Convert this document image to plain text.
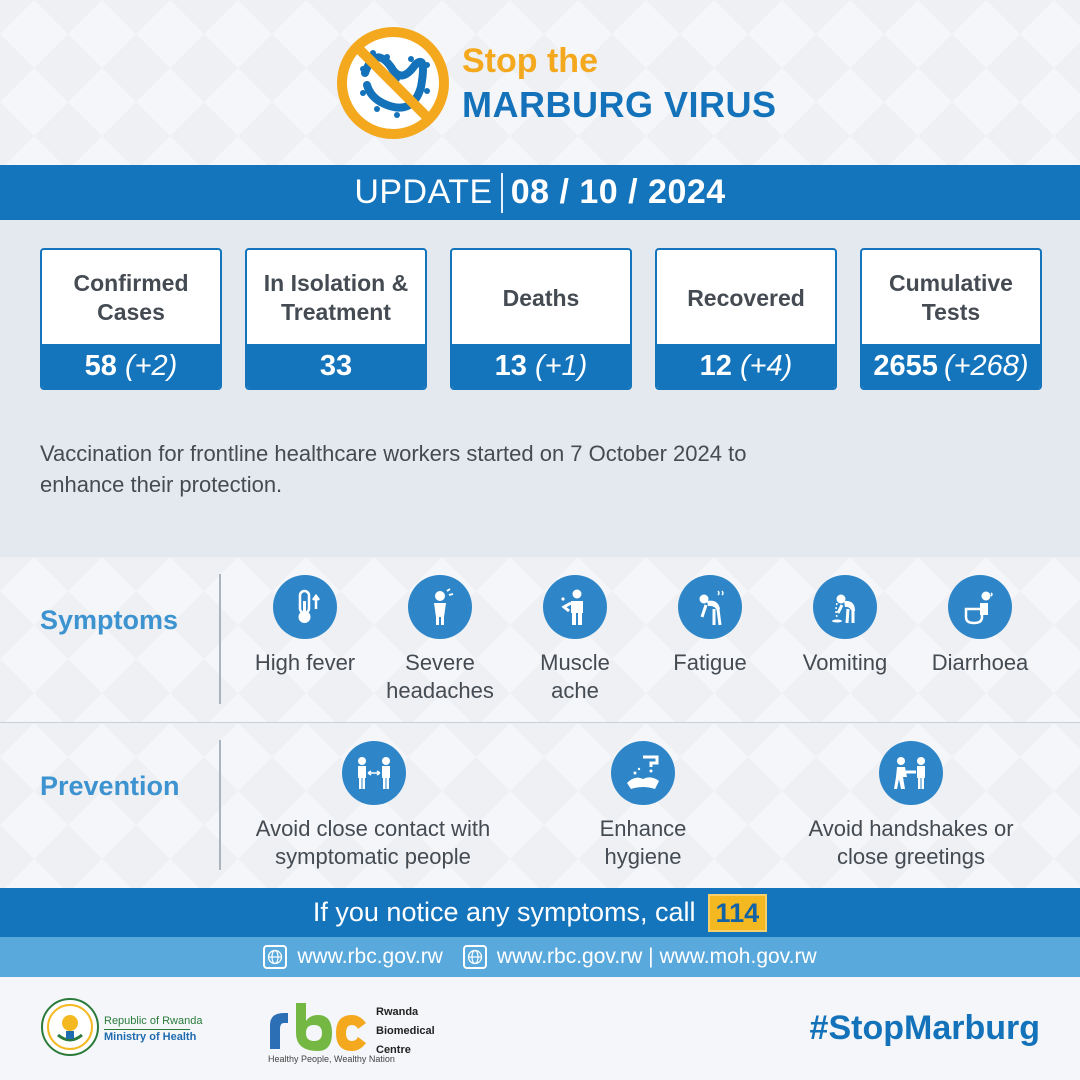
Stop the
MARBURG VIRUS
UPDATE 08 / 10 / 2024
Confirmed Cases
58 (+2)
In Isolation & Treatment
33
Deaths
13 (+1)
Recovered
12 (+4)
Cumulative Tests
2655 (+268)
Vaccination for frontline healthcare workers started on 7 October 2024 to enhance their protection.
Symptoms
High fever	Severe headaches
Muscle ache
Fatigue	Vomiting	Diarrhoea
Prevention
Avoid close contact with symptomatic people
Enhance hygiene
Avoid handshakes or close greetings
If you notice any symptoms, call 114
www.rbc.gov.rw	www.rbc.gov.rw | www.moh.gov.rw
Republic of Rwanda
Ministry of Health
Rwanda
Biomedical
Centre
Healthy People, Wealthy Nation
#StopMarburg
